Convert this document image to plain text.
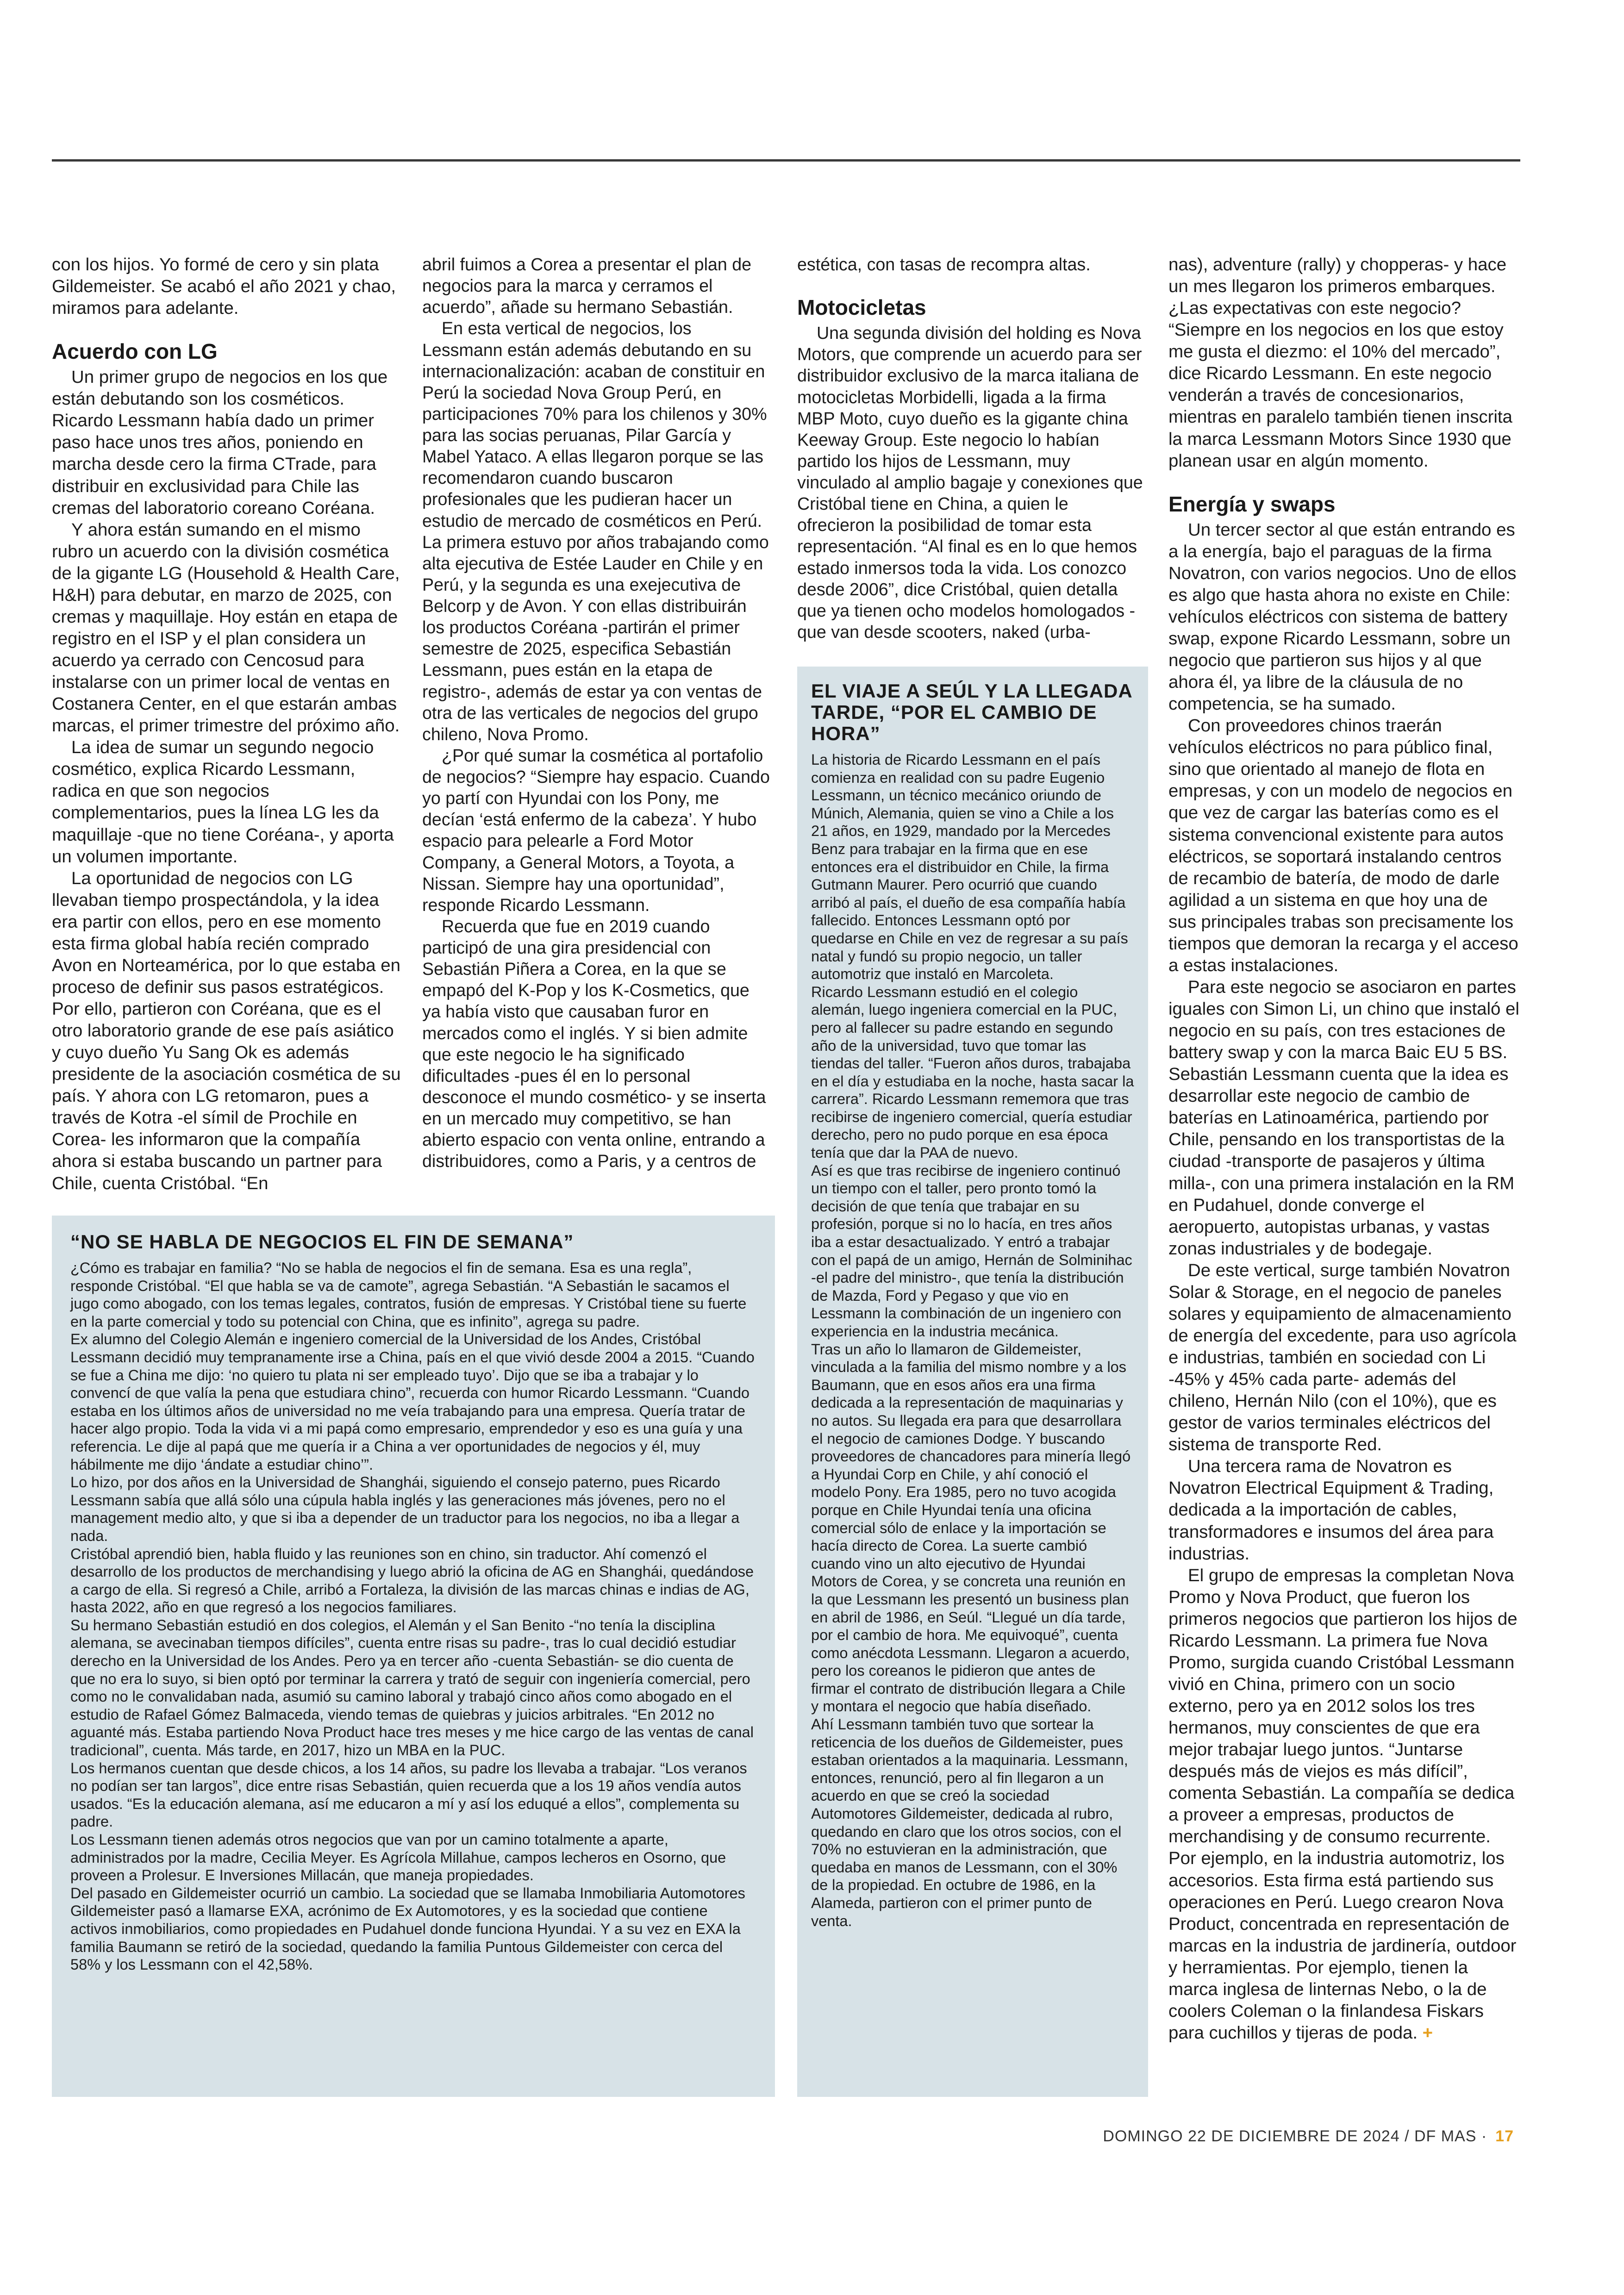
con los hijos. Yo formé de cero y sin plata Gildemeister. Se acabó el año 2021 y chao, miramos para adelante.

Acuerdo con LG

Un primer grupo de negocios en los que están debutando son los cosméticos. Ricardo Lessmann había dado un primer paso hace unos tres años, poniendo en marcha desde cero la firma CTrade, para distribuir en exclusividad para Chile las cremas del laboratorio coreano Coréana.

Y ahora están sumando en el mismo rubro un acuerdo con la división cosmética de la gigante LG (Household & Health Care, H&H) para debutar, en marzo de 2025, con cremas y maquillaje. Hoy están en etapa de registro en el ISP y el plan considera un acuerdo ya cerrado con Cencosud para instalarse con un primer local de ventas en Costanera Center, en el que estarán ambas marcas, el primer trimestre del próximo año.

La idea de sumar un segundo negocio cosmético, explica Ricardo Lessmann, radica en que son negocios complementarios, pues la línea LG les da maquillaje -que no tiene Coréana-, y aporta un volumen importante.

La oportunidad de negocios con LG llevaban tiempo prospectándola, y la idea era partir con ellos, pero en ese momento esta firma global había recién comprado Avon en Norteamérica, por lo que estaba en proceso de definir sus pasos estratégicos. Por ello, partieron con Coréana, que es el otro laboratorio grande de ese país asiático y cuyo dueño Yu Sang Ok es además presidente de la asociación cosmética de su país. Y ahora con LG retomaron, pues a través de Kotra -el símil de Prochile en Corea- les informaron que la compañía ahora si estaba buscando un partner para Chile, cuenta Cristóbal. “En

abril fuimos a Corea a presentar el plan de negocios para la marca y cerramos el acuerdo”, añade su hermano Sebastián.

En esta vertical de negocios, los Lessmann están además debutando en su internacionalización: acaban de constituir en Perú la sociedad Nova Group Perú, en participaciones 70% para los chilenos y 30% para las socias peruanas, Pilar García y Mabel Yataco. A ellas llegaron porque se las recomendaron cuando buscaron profesionales que les pudieran hacer un estudio de mercado de cosméticos en Perú. La primera estuvo por años trabajando como alta ejecutiva de Estée Lauder en Chile y en Perú, y la segunda es una exejecutiva de Belcorp y de Avon. Y con ellas distribuirán los productos Coréana -partirán el primer semestre de 2025, especifica Sebastián Lessmann, pues están en la etapa de registro-, además de estar ya con ventas de otra de las verticales de negocios del grupo chileno, Nova Promo.

¿Por qué sumar la cosmética al portafolio de negocios? “Siempre hay espacio. Cuando yo partí con Hyundai con los Pony, me decían ‘está enfermo de la cabeza’. Y hubo espacio para pelearle a Ford Motor Company, a General Motors, a Toyota, a Nissan. Siempre hay una oportunidad”, responde Ricardo Lessmann.

Recuerda que fue en 2019 cuando participó de una gira presidencial con Sebastián Piñera a Corea, en la que se empapó del K-Pop y los K-Cosmetics, que ya había visto que causaban furor en mercados como el inglés. Y si bien admite que este negocio le ha significado dificultades -pues él en lo personal desconoce el mundo cosmético- y se inserta en un mercado muy competitivo, se han abierto espacio con venta online, entrando a distribuidores, como a Paris, y a centros de

estética, con tasas de recompra altas.

Motocicletas

Una segunda división del holding es Nova Motors, que comprende un acuerdo para ser distribuidor exclusivo de la marca italiana de motocicletas Morbidelli, ligada a la firma MBP Moto, cuyo dueño es la gigante china Keeway Group. Este negocio lo habían partido los hijos de Lessmann, muy vinculado al amplio bagaje y conexiones que Cristóbal tiene en China, a quien le ofrecieron la posibilidad de tomar esta representación. “Al final es en lo que hemos estado inmersos toda la vida. Los conozco desde 2006”, dice Cristóbal, quien detalla que ya tienen ocho modelos homologados -que van desde scooters, naked (urba-

nas), adventure (rally) y chopperas- y hace un mes llegaron los primeros embarques. ¿Las expectativas con este negocio? “Siempre en los negocios en los que estoy me gusta el diezmo: el 10% del mercado”, dice Ricardo Lessmann. En este negocio venderán a través de concesionarios, mientras en paralelo también tienen inscrita la marca Lessmann Motors Since 1930 que planean usar en algún momento.

Energía y swaps

Un tercer sector al que están entrando es a la energía, bajo el paraguas de la firma Novatron, con varios negocios. Uno de ellos es algo que hasta ahora no existe en Chile: vehículos eléctricos con sistema de battery swap, expone Ricardo Lessmann, sobre un negocio que partieron sus hijos y al que ahora él, ya libre de la cláusula de no competencia, se ha sumado.

Con proveedores chinos traerán vehículos eléctricos no para público final, sino que orientado al manejo de flota en empresas, y con un modelo de negocios en que vez de cargar las baterías como es el sistema convencional existente para autos eléctricos, se soportará instalando centros de recambio de batería, de modo de darle agilidad a un sistema en que hoy una de sus principales trabas son precisamente los tiempos que demoran la recarga y el acceso a estas instalaciones.

Para este negocio se asociaron en partes iguales con Simon Li, un chino que instaló el negocio en su país, con tres estaciones de battery swap y con la marca Baic EU 5 BS. Sebastián Lessmann cuenta que la idea es desarrollar este negocio de cambio de baterías en Latinoamérica, partiendo por Chile, pensando en los transportistas de la ciudad -transporte de pasajeros y última milla-, con una primera instalación en la RM en Pudahuel, donde converge el aeropuerto, autopistas urbanas, y vastas zonas industriales y de bodegaje.

De este vertical, surge también Novatron Solar & Storage, en el negocio de paneles solares y equipamiento de almacenamiento de energía del excedente, para uso agrícola e industrias, también en sociedad con Li -45% y 45% cada parte- además del chileno, Hernán Nilo (con el 10%), que es gestor de varios terminales eléctricos del sistema de transporte Red.

Una tercera rama de Novatron es Novatron Electrical Equipment & Trading, dedicada a la importación de cables, transformadores e insumos del área para industrias.

El grupo de empresas la completan Nova Promo y Nova Product, que fueron los primeros negocios que partieron los hijos de Ricardo Lessmann. La primera fue Nova Promo, surgida cuando Cristóbal Lessmann vivió en China, primero con un socio externo, pero ya en 2012 solos los tres hermanos, muy conscientes de que era mejor trabajar luego juntos. “Juntarse después más de viejos es más difícil”, comenta Sebastián. La compañía se dedica a proveer a empresas, productos de merchandising y de consumo recurrente. Por ejemplo, en la industria automotriz, los accesorios. Esta firma está partiendo sus operaciones en Perú. Luego crearon Nova Product, concentrada en representación de marcas en la industria de jardinería, outdoor y herramientas. Por ejemplo, tienen la marca inglesa de linternas Nebo, o la de coolers Coleman o la finlandesa Fiskars para cuchillos y tijeras de poda. +

“NO SE HABLA DE NEGOCIOS EL FIN DE SEMANA”

¿Cómo es trabajar en familia? “No se habla de negocios el fin de semana. Esa es una regla”, responde Cristóbal. “El que habla se va de camote”, agrega Sebastián. “A Sebastián le sacamos el jugo como abogado, con los temas legales, contratos, fusión de empresas. Y Cristóbal tiene su fuerte en la parte comercial y todo su potencial con China, que es infinito”, agrega su padre.

Ex alumno del Colegio Alemán e ingeniero comercial de la Universidad de los Andes, Cristóbal Lessmann decidió muy tempranamente irse a China, país en el que vivió desde 2004 a 2015. “Cuando se fue a China me dijo: ‘no quiero tu plata ni ser empleado tuyo’. Dijo que se iba a trabajar y lo convencí de que valía la pena que estudiara chino”, recuerda con humor Ricardo Lessmann. “Cuando estaba en los últimos años de universidad no me veía trabajando para una empresa. Quería tratar de hacer algo propio. Toda la vida vi a mi papá como empresario, emprendedor y eso es una guía y una referencia. Le dije al papá que me quería ir a China a ver oportunidades de negocios y él, muy hábilmente me dijo ‘ándate a estudiar chino’”.

Lo hizo, por dos años en la Universidad de Shanghái, siguiendo el consejo paterno, pues Ricardo Lessmann sabía que allá sólo una cúpula habla inglés y las generaciones más jóvenes, pero no el management medio alto, y que si iba a depender de un traductor para los negocios, no iba a llegar a nada.

Cristóbal aprendió bien, habla fluido y las reuniones son en chino, sin traductor. Ahí comenzó el desarrollo de los productos de merchandising y luego abrió la oficina de AG en Shanghái, quedándose a cargo de ella. Si regresó a Chile, arribó a Fortaleza, la división de las marcas chinas e indias de AG, hasta 2022, año en que regresó a los negocios familiares.

Su hermano Sebastián estudió en dos colegios, el Alemán y el San Benito -“no tenía la disciplina alemana, se avecinaban tiempos difíciles”, cuenta entre risas su padre-, tras lo cual decidió estudiar derecho en la Universidad de los Andes. Pero ya en tercer año -cuenta Sebastián- se dio cuenta de que no era lo suyo, si bien optó por terminar la carrera y trató de seguir con ingeniería comercial, pero como no le convalidaban nada, asumió su camino laboral y trabajó cinco años como abogado en el estudio de Rafael Gómez Balmaceda, viendo temas de quiebras y juicios arbitrales. “En 2012 no aguanté más. Estaba partiendo Nova Product hace tres meses y me hice cargo de las ventas de canal tradicional”, cuenta. Más tarde, en 2017, hizo un MBA en la PUC.

Los hermanos cuentan que desde chicos, a los 14 años, su padre los llevaba a trabajar. “Los veranos no podían ser tan largos”, dice entre risas Sebastián, quien recuerda que a los 19 años vendía autos usados. “Es la educación alemana, así me educaron a mí y así los eduqué a ellos”, complementa su padre.

Los Lessmann tienen además otros negocios que van por un camino totalmente a aparte, administrados por la madre, Cecilia Meyer. Es Agrícola Millahue, campos lecheros en Osorno, que proveen a Prolesur. E Inversiones Millacán, que maneja propiedades.

Del pasado en Gildemeister ocurrió un cambio. La sociedad que se llamaba Inmobiliaria Automotores Gildemeister pasó a llamarse EXA, acrónimo de Ex Automotores, y es la sociedad que contiene activos inmobiliarios, como propiedades en Pudahuel donde funciona Hyundai. Y a su vez en EXA la familia Baumann se retiró de la sociedad, quedando la familia Puntous Gildemeister con cerca del 58% y los Lessmann con el 42,58%.

EL VIAJE A SEÚL Y LA LLEGADA TARDE, “POR EL CAMBIO DE HORA”

La historia de Ricardo Lessmann en el país comienza en realidad con su padre Eugenio Lessmann, un técnico mecánico oriundo de Múnich, Alemania, quien se vino a Chile a los 21 años, en 1929, mandado por la Mercedes Benz para trabajar en la firma que en ese entonces era el distribuidor en Chile, la firma Gutmann Maurer. Pero ocurrió que cuando arribó al país, el dueño de esa compañía había fallecido. Entonces Lessmann optó por quedarse en Chile en vez de regresar a su país natal y fundó su propio negocio, un taller automotriz que instaló en Marcoleta.

Ricardo Lessmann estudió en el colegio alemán, luego ingeniera comercial en la PUC, pero al fallecer su padre estando en segundo año de la universidad, tuvo que tomar las tiendas del taller. “Fueron años duros, trabajaba en el día y estudiaba en la noche, hasta sacar la carrera”. Ricardo Lessmann rememora que tras recibirse de ingeniero comercial, quería estudiar derecho, pero no pudo porque en esa época tenía que dar la PAA de nuevo.

Así es que tras recibirse de ingeniero continuó un tiempo con el taller, pero pronto tomó la decisión de que tenía que trabajar en su profesión, porque si no lo hacía, en tres años iba a estar desactualizado. Y entró a trabajar con el papá de un amigo, Hernán de Solminihac -el padre del ministro-, que tenía la distribución de Mazda, Ford y Pegaso y que vio en Lessmann la combinación de un ingeniero con experiencia en la industria mecánica.

Tras un año lo llamaron de Gildemeister, vinculada a la familia del mismo nombre y a los Baumann, que en esos años era una firma dedicada a la representación de maquinarias y no autos. Su llegada era para que desarrollara el negocio de camiones Dodge. Y buscando proveedores de chancadores para minería llegó a Hyundai Corp en Chile, y ahí conoció el modelo Pony. Era 1985, pero no tuvo acogida porque en Chile Hyundai tenía una oficina comercial sólo de enlace y la importación se hacía directo de Corea. La suerte cambió cuando vino un alto ejecutivo de Hyundai Motors de Corea, y se concreta una reunión en la que Lessmann les presentó un business plan en abril de 1986, en Seúl. “Llegué un día tarde, por el cambio de hora. Me equivoqué”, cuenta como anécdota Lessmann. Llegaron a acuerdo, pero los coreanos le pidieron que antes de firmar el contrato de distribución llegara a Chile y montara el negocio que había diseñado.

Ahí Lessmann también tuvo que sortear la reticencia de los dueños de Gildemeister, pues estaban orientados a la maquinaria. Lessmann, entonces, renunció, pero al fin llegaron a un acuerdo en que se creó la sociedad Automotores Gildemeister, dedicada al rubro, quedando en claro que los otros socios, con el 70% no estuvieran en la administración, que quedaba en manos de Lessmann, con el 30% de la propiedad. En octubre de 1986, en la Alameda, partieron con el primer punto de venta.

DOMINGO 22 DE DICIEMBRE DE 2024 / DF MAS · 17
